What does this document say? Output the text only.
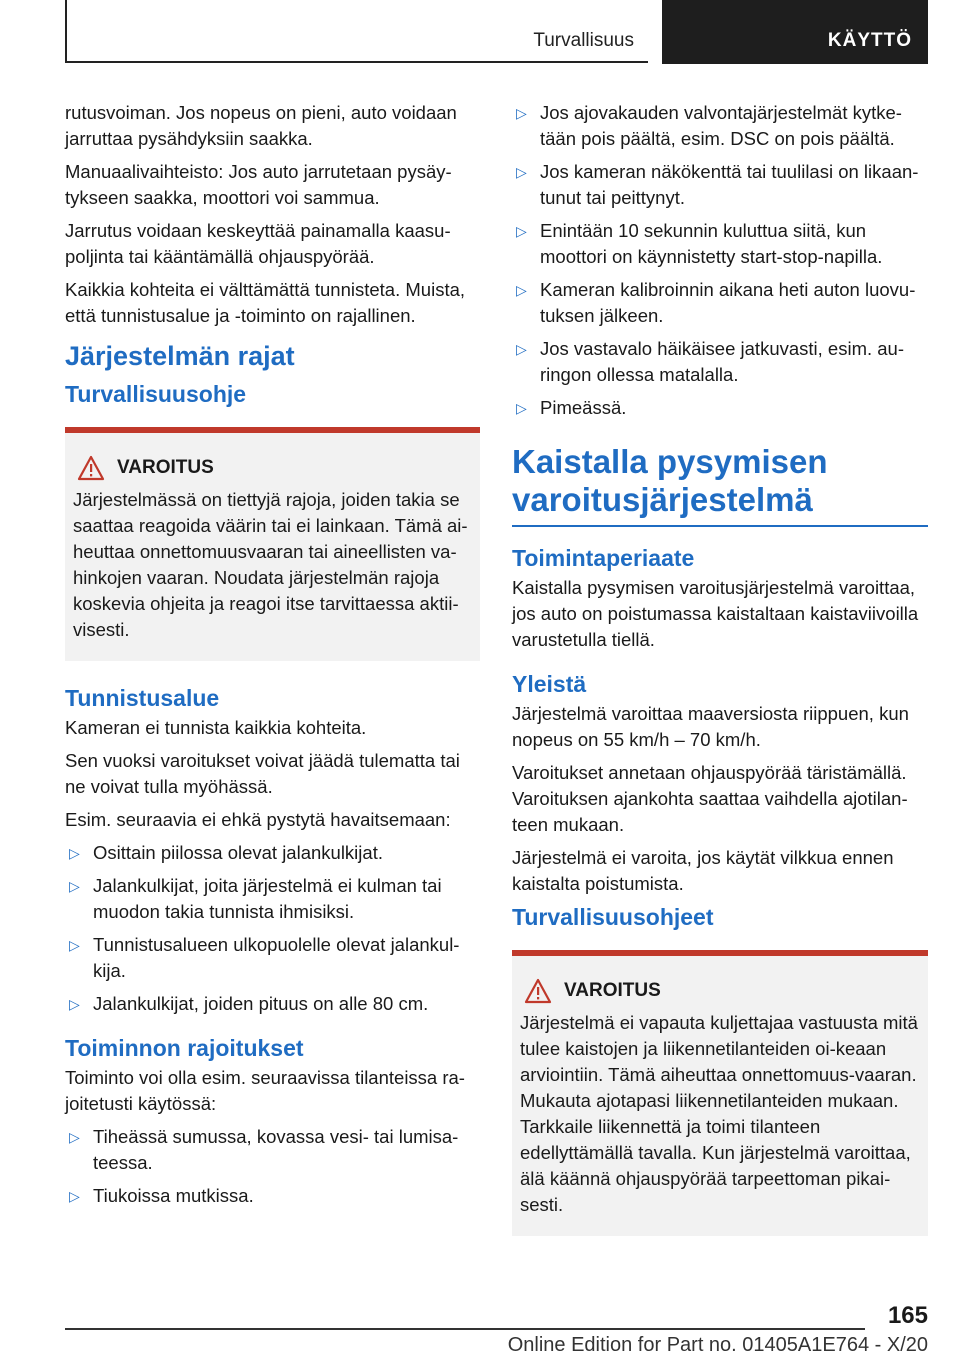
Turvallisuus	KÄYTTÖ

rutusvoiman. Jos nopeus on pieni, auto voidaan jarruttaa pysähdyksiin saakka.

Manuaalivaihteisto: Jos auto jarrutetaan pysäy-tykseen saakka, moottori voi sammua.

Jarrutus voidaan keskeyttää painamalla kaasu-poljinta tai kääntämällä ohjauspyörää.

Kaikkia kohteita ei välttämättä tunnisteta. Muista, että tunnistusalue ja -toiminto on rajallinen.

Järjestelmän rajat
Turvallisuusohje
VAROITUS
Järjestelmässä on tiettyjä rajoja, joiden takia se saattaa reagoida väärin tai ei lainkaan. Tämä ai-heuttaa onnettomuusvaaran tai aineellisten va-hinkojen vaaran. Noudata järjestelmän rajoja koskevia ohjeita ja reagoi itse tarvittaessa aktii-visesti.
Tunnistusalue

Kameran ei tunnista kaikkia kohteita.

Sen vuoksi varoitukset voivat jäädä tulematta tai ne voivat tulla myöhässä.

Esim. seuraavia ei ehkä pystytä havaitsemaan:

▷ Osittain piilossa olevat jalankulkijat.
▷ Jalankulkijat, joita järjestelmä ei kulman tai muodon takia tunnista ihmisiksi.
▷ Tunnistusalueen ulkopuolelle olevat jalankul-kija.
▷ Jalankulkijat, joiden pituus on alle 80 cm.
Toiminnon rajoitukset

Toiminto voi olla esim. seuraavissa tilanteissa ra-joitetusti käytössä:

▷ Tiheässä sumussa, kovassa vesi- tai lumisa-teessa.
▷ Tiukoissa mutkissa.
▷ Jos ajovakauden valvontajärjestelmät kytke-tään pois päältä, esim. DSC on pois päältä.
▷ Jos kameran näkökenttä tai tuulilasi on likaan-tunut tai peittynyt.
▷ Enintään 10 sekunnin kuluttua siitä, kun moottori on käynnistetty start-stop-napilla.
▷ Kameran kalibroinnin aikana heti auton luovu-tuksen jälkeen.
▷ Jos vastavalo häikäisee jatkuvasti, esim. au-ringon ollessa matalalla.
▷ Pimeässä.
Kaistalla pysymisen varoitusjärjestelmä
Toimintaperiaate

Kaistalla pysymisen varoitusjärjestelmä varoittaa, jos auto on poistumassa kaistaltaan kaistaviivoilla varustetulla tiellä.

Yleistä

Järjestelmä varoittaa maaversiosta riippuen, kun nopeus on 55 km/h – 70 km/h.

Varoitukset annetaan ohjauspyörää täristämällä. Varoituksen ajankohta saattaa vaihdella ajotilan-teen mukaan.

Järjestelmä ei varoita, jos käytät vilkkua ennen kaistalta poistumista.

Turvallisuusohjeet
VAROITUS
Järjestelmä ei vapauta kuljettajaa vastuusta mitä tulee kaistojen ja liikennetilanteiden oi-keaan arviointiin. Tämä aiheuttaa onnettomuus-vaaran. Mukauta ajotapasi liikennetilanteiden mukaan. Tarkkaile liikennettä ja toimi tilanteen edellyttämällä tavalla. Kun järjestelmä varoittaa, älä käännä ohjauspyörää tarpeettoman pikai-sesti.
165
Online Edition for Part no. 01405A1E764 - X/20
